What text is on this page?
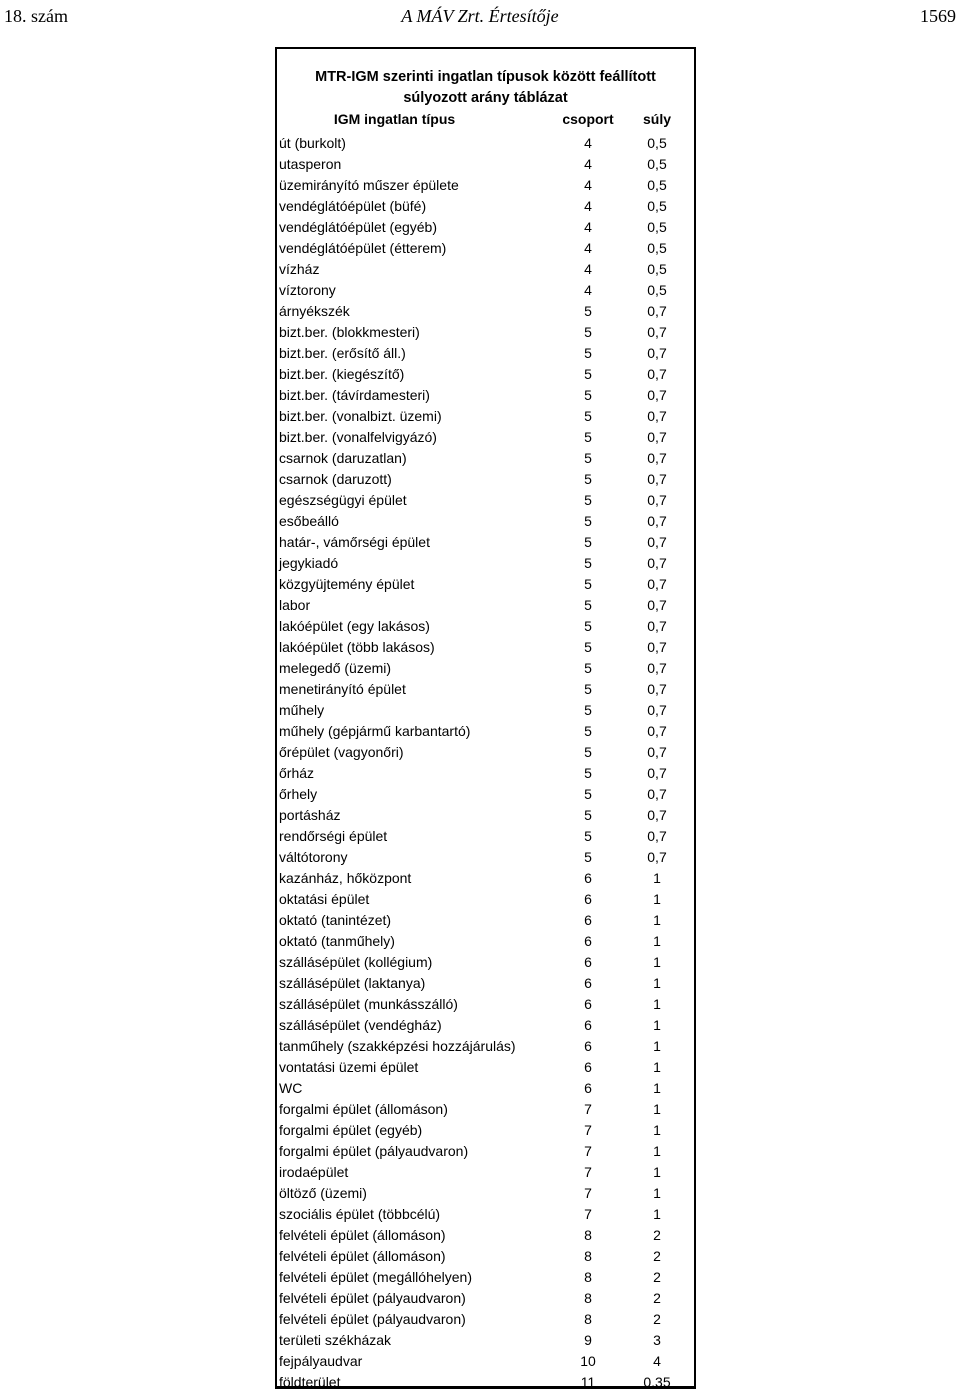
18. szám	A MÁV Zrt. Értesítője	1569
MTR-IGM szerinti ingatlan típusok között feállított
súlyozott arány táblázat
IGM ingatlan típus	csoport	súly
út (burkolt)	4	0,5
utasperon	4	0,5
üzemirányító műszer épülete	4	0,5
vendéglátóépület (büfé)	4	0,5
vendéglátóépület (egyéb)	4	0,5
vendéglátóépület (étterem)	4	0,5
vízház	4	0,5
víztorony	4	0,5
árnyékszék	5	0,7
bizt.ber. (blokkmesteri)	5	0,7
bizt.ber. (erősítő áll.)	5	0,7
bizt.ber. (kiegészítő)	5	0,7
bizt.ber. (távírdamesteri)	5	0,7
bizt.ber. (vonalbizt. üzemi)	5	0,7
bizt.ber. (vonalfelvigyázó)	5	0,7
csarnok (daruzatlan)	5	0,7
csarnok (daruzott)	5	0,7
egészségügyi épület	5	0,7
esőbeálló	5	0,7
határ-, vámőrségi épület	5	0,7
jegykiadó	5	0,7
közgyüjtemény épület	5	0,7
labor	5	0,7
lakóépület (egy lakásos)	5	0,7
lakóépület (több lakásos)	5	0,7
melegedő (üzemi)	5	0,7
menetirányító épület	5	0,7
műhely	5	0,7
műhely (gépjármű karbantartó)	5	0,7
őrépület (vagyonőri)	5	0,7
őrház	5	0,7
őrhely	5	0,7
portásház	5	0,7
rendőrségi épület	5	0,7
váltótorony	5	0,7
kazánház, hőközpont	6	1
oktatási épület	6	1
oktató (tanintézet)	6	1
oktató (tanműhely)	6	1
szállásépület (kollégium)	6	1
szállásépület (laktanya)	6	1
szállásépület (munkásszálló)	6	1
szállásépület (vendégház)	6	1
tanműhely (szakképzési hozzájárulás)	6	1
vontatási üzemi épület	6	1
WC	6	1
forgalmi épület (állomáson)	7	1
forgalmi épület (egyéb)	7	1
forgalmi épület (pályaudvaron)	7	1
irodaépület	7	1
öltöző (üzemi)	7	1
szociális épület (többcélú)	7	1
felvételi épület (állomáson)	8	2
felvételi épület (állomáson)	8	2
felvételi épület (megállóhelyen)	8	2
felvételi épület (pályaudvaron)	8	2
felvételi épület (pályaudvaron)	8	2
területi székházak	9	3
fejpályaudvar	10	4
földterület	11	0,35
